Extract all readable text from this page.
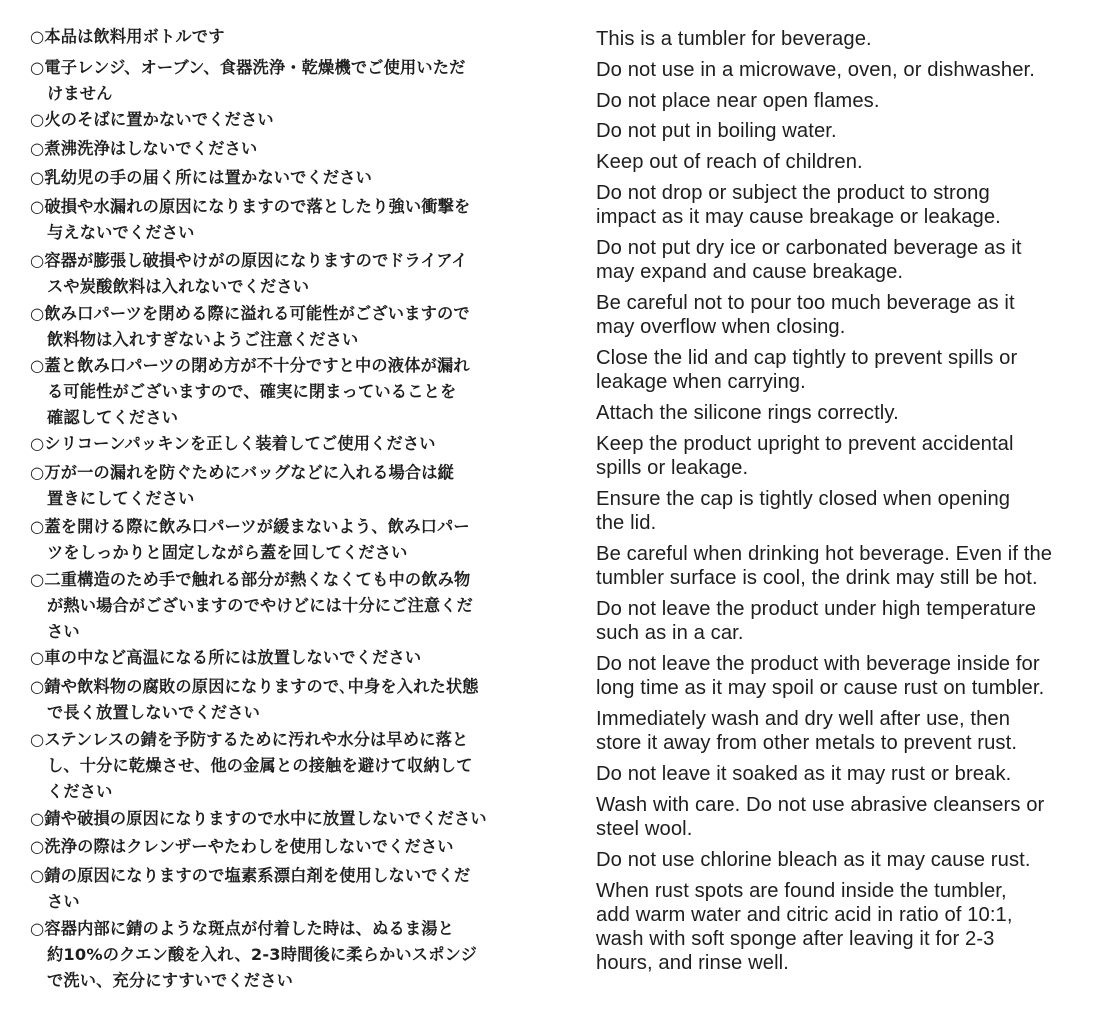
○本品は飲料用ボトルです
○電子レンジ、オーブン、食器洗浄・乾燥機でご使用いただ
けません
○火のそばに置かないでください
○煮沸洗浄はしないでください
○乳幼児の手の届く所には置かないでください
○破損や水漏れの原因になりますので落としたり強い衝撃を
与えないでください
○容器が膨張し破損やけがの原因になりますのでドライアイ
スや炭酸飲料は入れないでください
○飲み口パーツを閉める際に溢れる可能性がございますので
飲料物は入れすぎないようご注意ください
○蓋と飲み口パーツの閉め方が不十分ですと中の液体が漏れ
る可能性がございますので、確実に閉まっていることを
確認してください
○シリコーンパッキンを正しく装着してご使用ください
○万が一の漏れを防ぐためにバッグなどに入れる場合は縦
置きにしてください
○蓋を開ける際に飲み口パーツが緩まないよう、飲み口パー
ツをしっかりと固定しながら蓋を回してください
○二重構造のため手で触れる部分が熱くなくても中の飲み物
が熱い場合がございますのでやけどには十分にご注意くだ
さい
○車の中など高温になる所には放置しないでください
○錆や飲料物の腐敗の原因になりますので､中身を入れた状態
で長く放置しないでください
○ステンレスの錆を予防するために汚れや水分は早めに落と
し、十分に乾燥させ、他の金属との接触を避けて収納して
ください
○錆や破損の原因になりますので水中に放置しないでください
○洗浄の際はクレンザーやたわしを使用しないでください
○錆の原因になりますので塩素系漂白剤を使用しないでくだ
さい
○容器内部に錆のような斑点が付着した時は、ぬるま湯と
約10%のクエン酸を入れ、2-3時間後に柔らかいスポンジ
で洗い、充分にすすいでください
This is a tumbler for beverage.
Do not use in a microwave, oven, or dishwasher.
Do not place near open flames.
Do not put in boiling water.
Keep out of reach of children.
Do not drop or subject the product to strong
impact as it may cause breakage or leakage.
Do not put dry ice or carbonated beverage as it
may expand and cause breakage.
Be careful not to pour too much beverage as it
may overflow when closing.
Close the lid and cap tightly to prevent spills or
leakage when carrying.
Attach the silicone rings correctly.
Keep the product upright to prevent accidental
spills or leakage.
Ensure the cap is tightly closed when opening
the lid.
Be careful when drinking hot beverage. Even if the
tumbler surface is cool, the drink may still be hot.
Do not leave the product under high temperature
such as in a car.
Do not leave the product with beverage inside for
long time as it may spoil or cause rust on tumbler.
Immediately wash and dry well after use, then
store it away from other metals to prevent rust.
Do not leave it soaked as it may rust or break.
Wash with care. Do not use abrasive cleansers or
steel wool.
Do not use chlorine bleach as it may cause rust.
When rust spots are found inside the tumbler,
add warm water and citric acid in ratio of 10:1,
wash with soft sponge after leaving it for 2-3
hours, and rinse well.
